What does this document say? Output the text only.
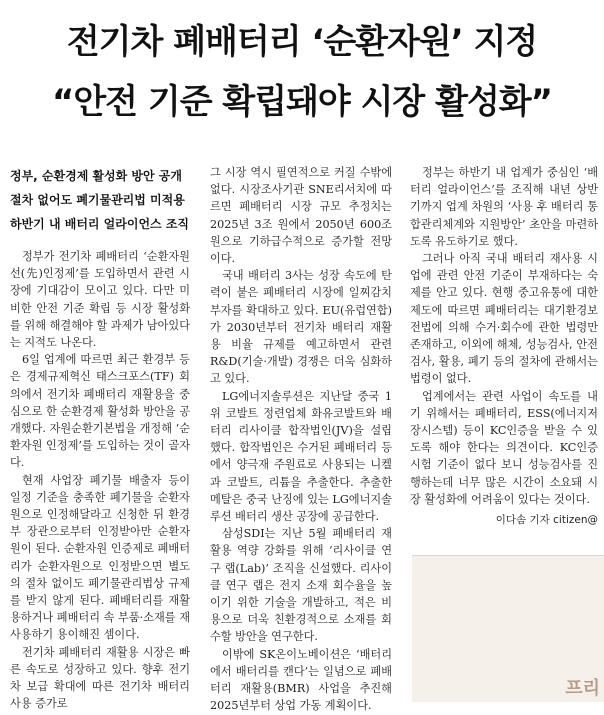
전기차 폐배터리 ‘순환자원’ 지정
“안전 기준 확립돼야 시장 활성화”
정부, 순환경제 활성화 방안 공개
절차 없어도 폐기물관리법 미적용
하반기 내 배터리 얼라이언스 조직

정부가 전기차 폐배터리 ‘순환자원 선(先)인정제’를 도입하면서 관련 시장에 기대감이 모이고 있다. 다만 미비한 안전 기준 확립 등 시장 활성화를 위해 해결해야 할 과제가 남아있다는 지적도 나온다.

6일 업계에 따르면 최근 환경부 등은 경제규제혁신 태스크포스(TF) 회의에서 전기차 폐배터리 재활용을 중심으로 한 순환경제 활성화 방안을 공개했다. 자원순환기본법을 개정해 ‘순환자원 인정제’를 도입하는 것이 골자다.

현재 사업장 폐기물 배출자 등이 일정 기준을 충족한 폐기물을 순환자원으로 인정해달라고 신청한 뒤 환경부 장관으로부터 인정받아만 순환자원이 된다. 순환자원 인증제로 폐배터리가 순환자원으로 인정받으면 별도의 절차 없이도 폐기물관리법상 규제를 받지 않게 된다. 폐배터리를 재활용하거나 폐배터리 속 부품·소재를 재사용하기 용이해진 셈이다.

전기차 폐배터리 재활용 시장은 빠른 속도로 성장하고 있다. 향후 전기차 보급 확대에 따른 전기차 배터리 사용 증가로

그 시장 역시 필연적으로 커질 수밖에 없다. 시장조사기관 SNE리서치에 따르면 폐배터리 시장 규모 추정치는 2025년 3조 원에서 2050년 600조 원으로 기하급수적으로 증가할 전망이다.

국내 배터리 3사는 성장 속도에 탄력이 붙은 폐배터리 시장에 일찌감치 부자를 확대하고 있다. EU(유럽연합)가 2030년부터 전기차 배터리 재활용 비율 규제를 예고하면서 관련 R&D(기술·개발) 경쟁은 더욱 심화하고 있다.

LG에너지솔루션은 지난달 중국 1위 코발트 정련업체 화유코발트와 배터리 리사이클 합작법인(JV)을 설립했다. 합작법인은 수거된 폐배터리 등에서 양극재 주원료로 사용되는 니켈과 코발트, 리튬을 추출한다. 추출한 메탈은 중국 난징에 있는 LG에너지솔루션 배터리 생산 공장에 공급한다.

삼성SDI는 지난 5월 폐배터리 재활용 역량 강화를 위해 ‘리사이클 연구 랩(Lab)’ 조직을 신설했다. 리사이클 연구 랩은 전지 소재 회수율을 높이기 위한 기술을 개발하고, 적은 비용으로 더욱 친환경적으로 소재를 회수할 방안을 연구한다.

이밖에 SK온이노베이션은 ‘배터리에서 배터리를 캔다’는 일념으로 폐배터리 재활용(BMR) 사업을 추진해 2025년부터 상업 가동 계획이다.

정부는 하반기 내 업계가 중심인 ‘배터리 얼라이언스’를 조직해 내년 상반기까지 업계 차원의 ‘사용 후 배터리 통합관리체계와 지원방안’ 초안을 마련하도록 유도하기로 했다.

그러나 아직 국내 배터리 재사용 시 업에 관련 안전 기준이 부재하다는 숙제를 안고 있다. 현행 중고유통에 대한 제도에 따르면 폐배터리는 대기환경보전법에 의해 수거·회수에 관한 법령만 존재하고, 이외에 해체, 성능검사, 안전검사, 활용, 폐기 등의 절차에 관해서는 법령이 없다.

업계에서는 관련 사업이 속도를 내기 위해서는 폐배터리, ESS(에너지저장시스템) 등이 KC인증을 받을 수 있도록 해야 한다는 의견이다. KC인증 시험 기준이 없다 보니 성능검사를 진행하는데 너무 많은 시간이 소요돼 시장 활성화에 어려움이 있다는 것이다.

이다솜 기자 citizen@
프리
